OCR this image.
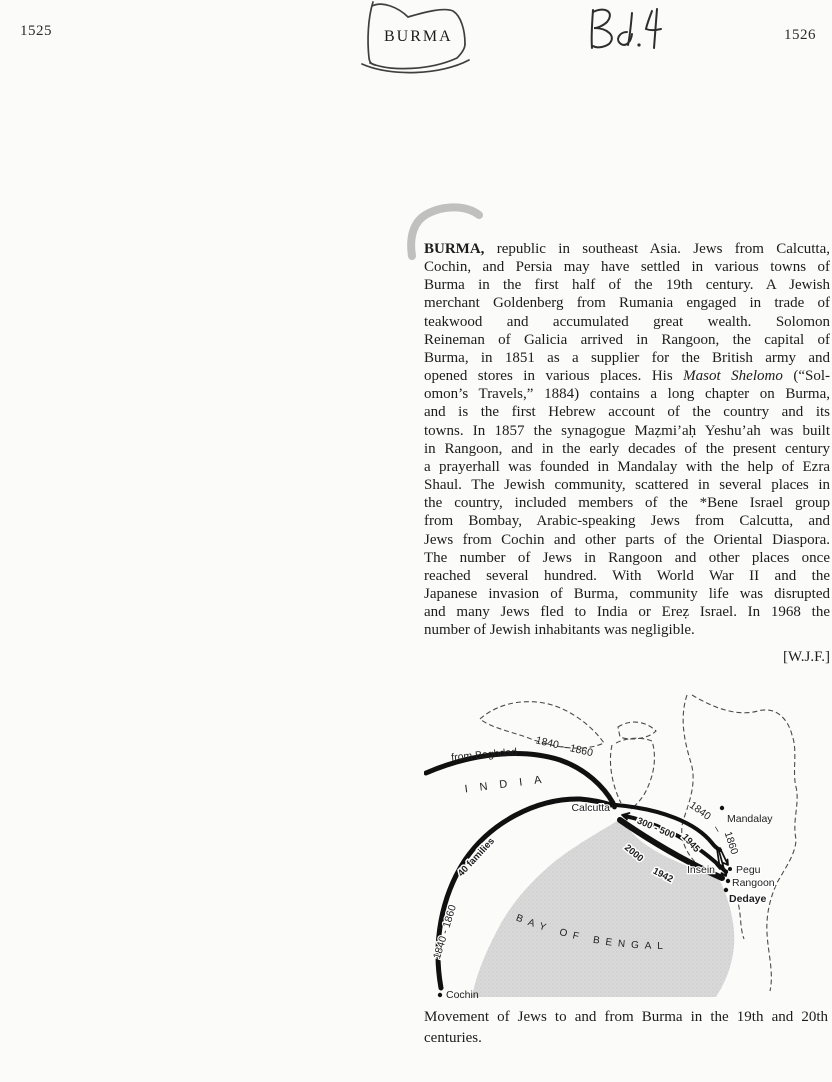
1525	1526
BURMA
BURMA, republic in southeast Asia. Jews from Calcutta,
Cochin, and Persia may have settled in various towns of
Burma in the first half of the 19th century. A Jewish
merchant Goldenberg from Rumania engaged in trade of
teakwood and accumulated great wealth. Solomon
Reineman of Galicia arrived in Rangoon, the capital of
Burma, in 1851 as a supplier for the British army and
opened stores in various places. His Masot Shelomo (“Sol-
omon’s Travels,” 1884) contains a long chapter on Burma,
and is the first Hebrew account of the country and its
towns. In 1857 the synagogue Maẓmi’aḥ Yeshu’ah was built
in Rangoon, and in the early decades of the present century
a prayerhall was founded in Mandalay with the help of Ezra
Shaul. The Jewish community, scattered in several places in
the country, included members of the *Bene Israel group
from Bombay, Arabic-speaking Jews from Calcutta, and
Jews from Cochin and other parts of the Oriental Diaspora.
The number of Jews in Rangoon and other places once
reached several hundred. With World War II and the
Japanese invasion of Burma, community life was disrupted
and many Jews fled to India or Ereẓ Israel. In 1968 the
number of Jewish inhabitants was negligible.
[W.J.F.]
BAY OF BENGAL
from Baghdad 1840 – 1860
INDIA
40 families
1840 - 1860
1840
–
1860
300 - 500
1945
2000
1942
Calcutta
Mandalay
Insein Pegu
Rangoon
Dedaye
Cochin
Movement of Jews to and from Burma in the 19th and 20th
centuries.
